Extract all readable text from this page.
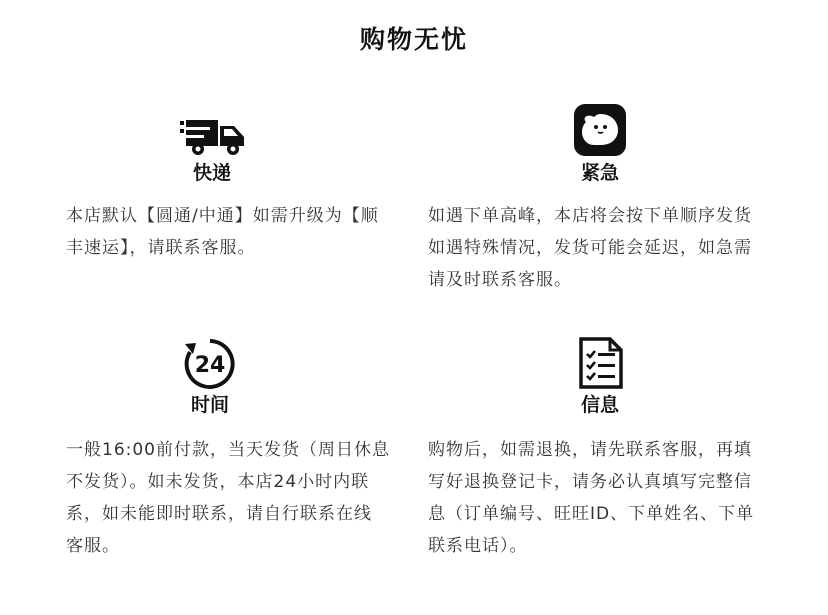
购物无忧
快递
本店默认【圆通/中通】如需升级为【顺
丰速运】，请联系客服。
紧急
如遇下单高峰，本店将会按下单顺序发货
如遇特殊情况，发货可能会延迟，如急需
请及时联系客服。
24
时间
一般16:00前付款，当天发货（周日休息
不发货）。如未发货，本店24小时内联
系，如未能即时联系，请自行联系在线
客服。
信息
购物后，如需退换，请先联系客服，再填
写好退换登记卡，请务必认真填写完整信
息（订单编号、旺旺ID、下单姓名、下单
联系电话）。
